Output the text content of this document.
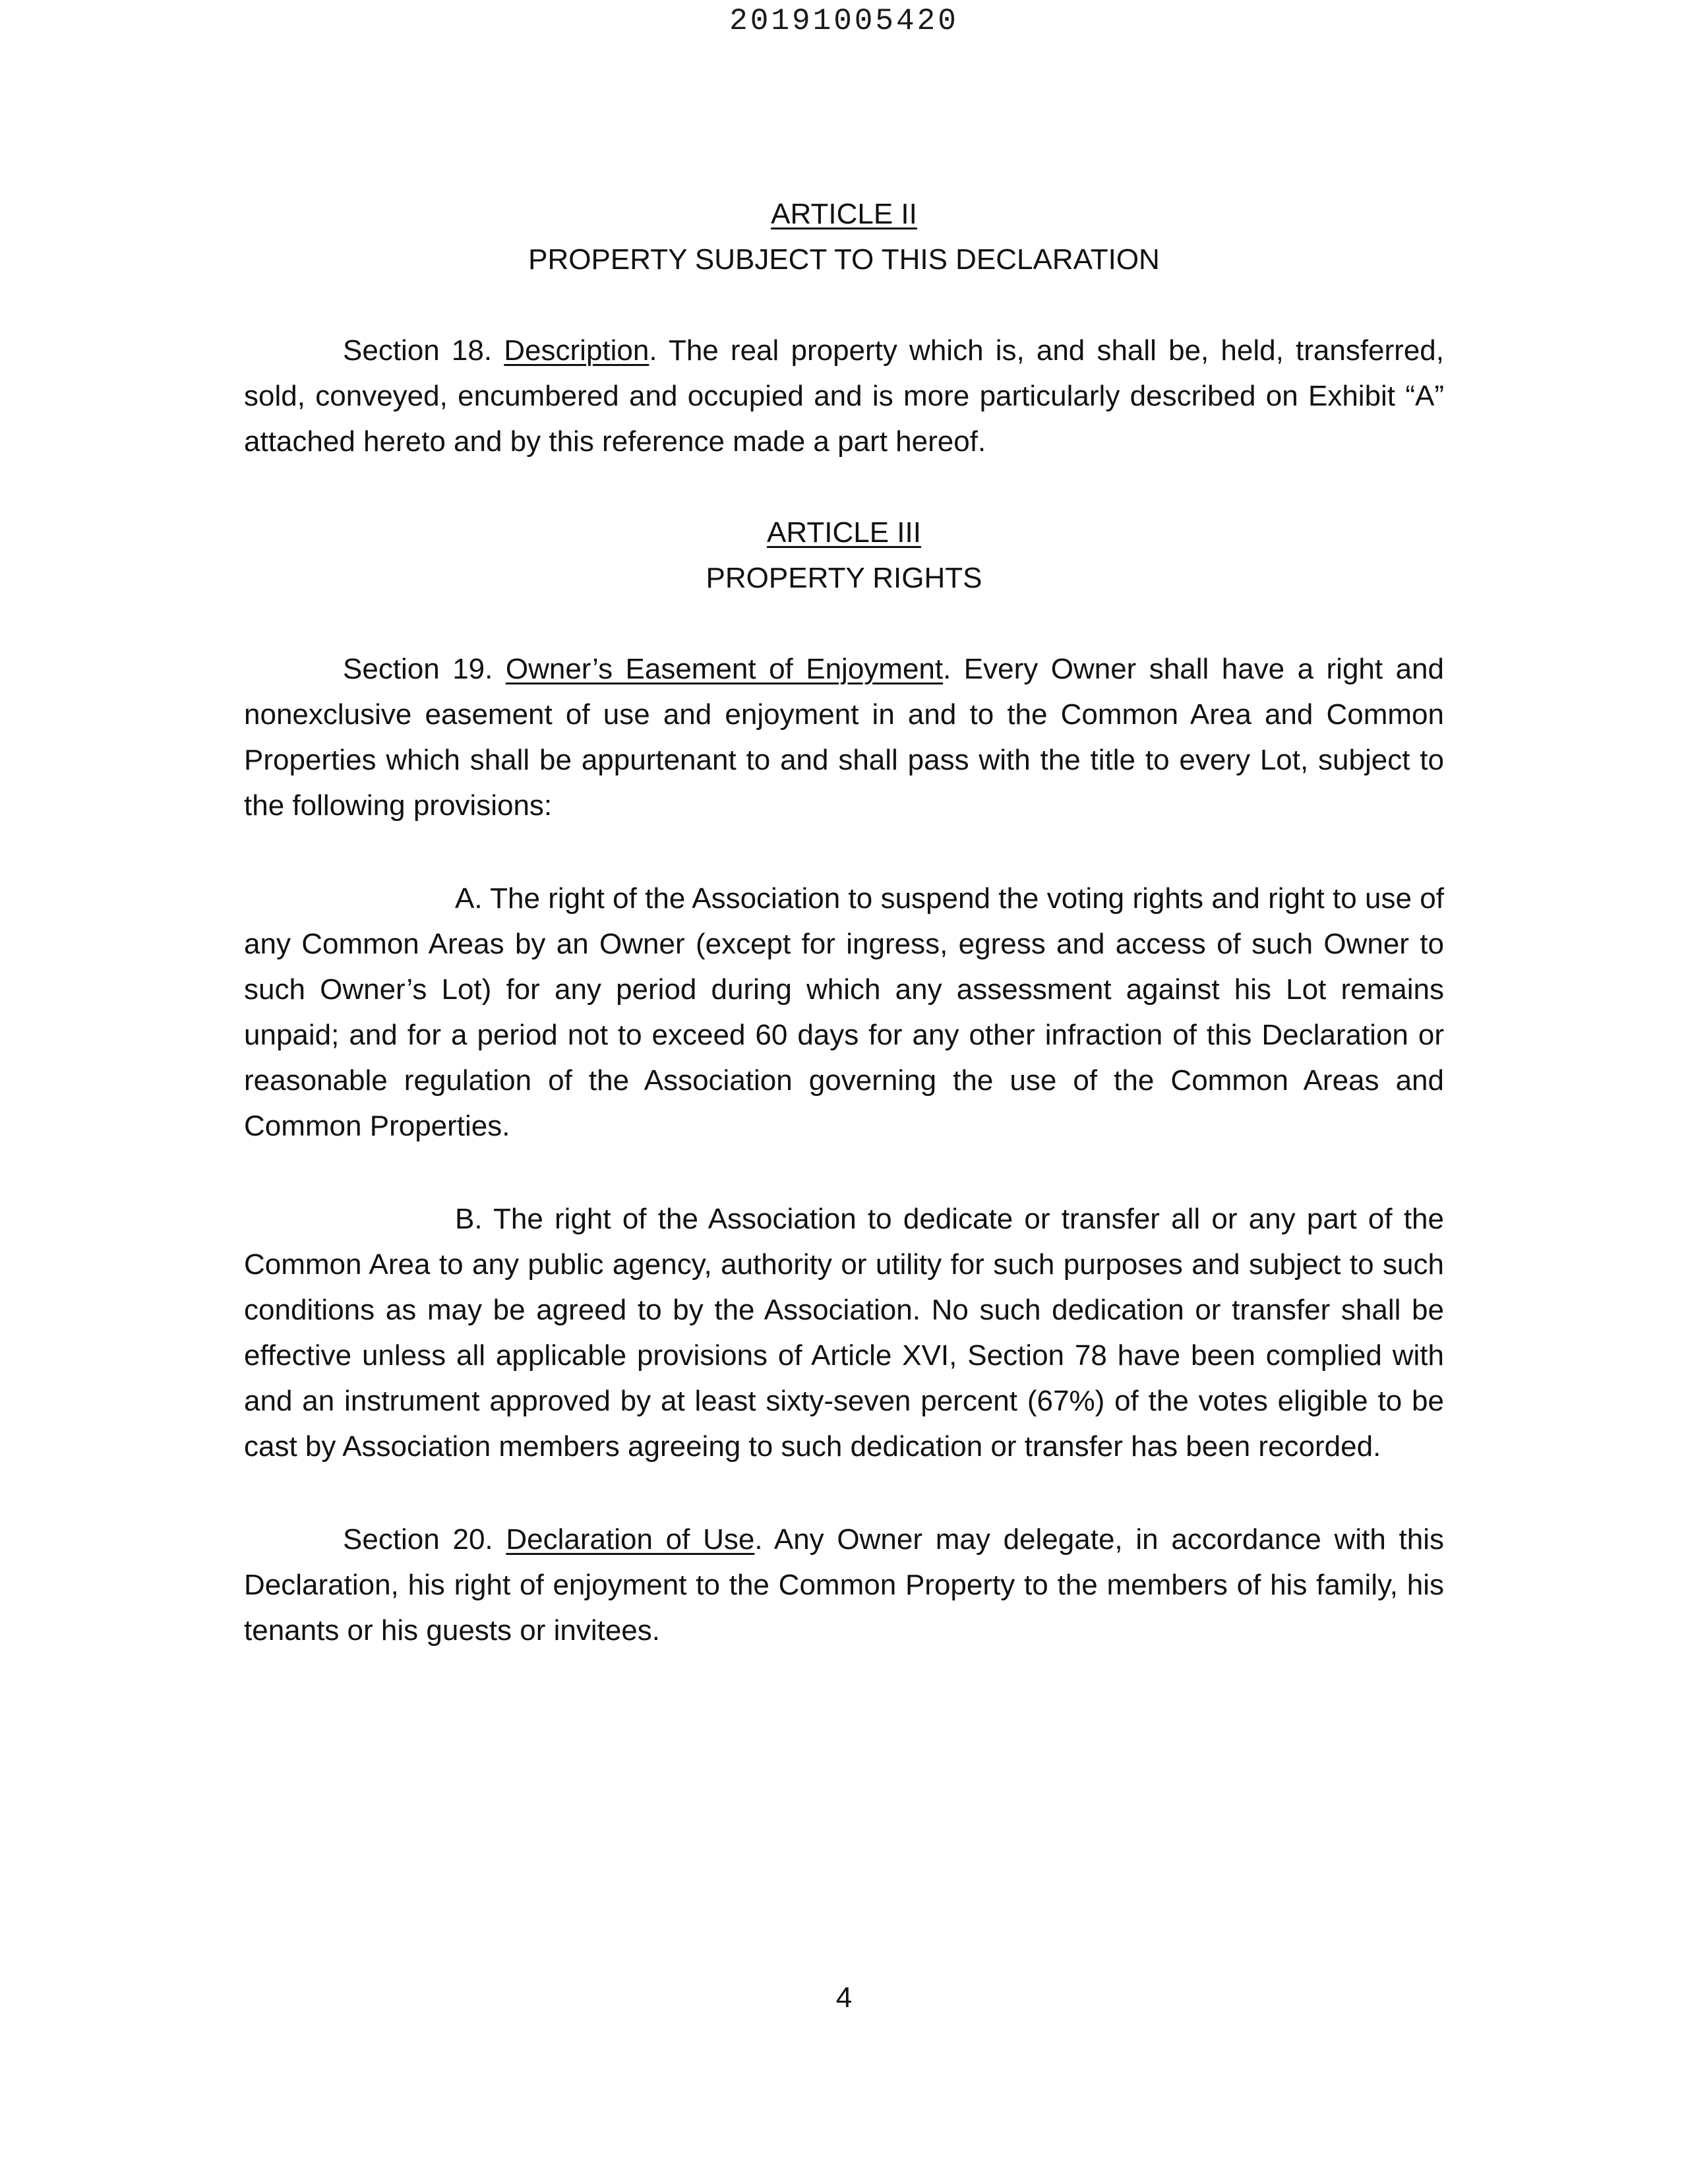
20191005420
ARTICLE II
PROPERTY SUBJECT TO THIS DECLARATION

Section 18. Description. The real property which is, and shall be, held, transferred, sold, conveyed, encumbered and occupied and is more particularly described on Exhibit “A” attached hereto and by this reference made a part hereof.

ARTICLE III
PROPERTY RIGHTS

Section 19. Owner’s Easement of Enjoyment. Every Owner shall have a right and nonexclusive easement of use and enjoyment in and to the Common Area and Common Properties which shall be appurtenant to and shall pass with the title to every Lot, subject to the following provisions:

A. The right of the Association to suspend the voting rights and right to use of any Common Areas by an Owner (except for ingress, egress and access of such Owner to such Owner’s Lot) for any period during which any assessment against his Lot remains unpaid; and for a period not to exceed 60 days for any other infraction of this Declaration or reasonable regulation of the Association governing the use of the Common Areas and Common Properties.

B. The right of the Association to dedicate or transfer all or any part of the Common Area to any public agency, authority or utility for such purposes and subject to such conditions as may be agreed to by the Association. No such dedication or transfer shall be effective unless all applicable provisions of Article XVI, Section 78 have been complied with and an instrument approved by at least sixty-seven percent (67%) of the votes eligible to be cast by Association members agreeing to such dedication or transfer has been recorded.

Section 20. Declaration of Use. Any Owner may delegate, in accordance with this Declaration, his right of enjoyment to the Common Property to the members of his family, his tenants or his guests or invitees.

4
